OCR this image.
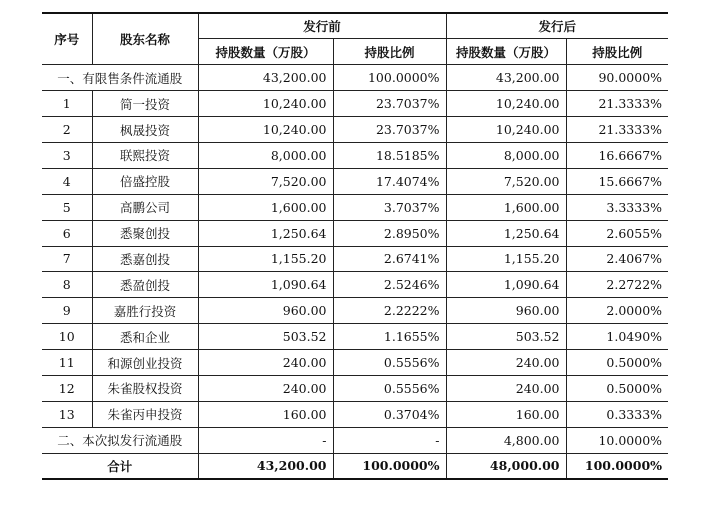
序号	股东名称	发行前		发行后	
		持股数量（万股）	持股比例	持股数量（万股）	持股比例
一、有限售条件流通股		43,200.00	100.0000%	43,200.00	90.0000%
1	简一投资	10,240.00	23.7037%	10,240.00	21.3333%
2	枫晟投资	10,240.00	23.7037%	10,240.00	21.3333%
3	联熙投资	8,000.00	18.5185%	8,000.00	16.6667%
4	倍盛控股	7,520.00	17.4074%	7,520.00	15.6667%
5	高鹏公司	1,600.00	3.7037%	1,600.00	3.3333%
6	悉聚创投	1,250.64	2.8950%	1,250.64	2.6055%
7	悉嘉创投	1,155.20	2.6741%	1,155.20	2.4067%
8	悉盈创投	1,090.64	2.5246%	1,090.64	2.2722%
9	嘉胜行投资	960.00	2.2222%	960.00	2.0000%
10	悉和企业	503.52	1.1655%	503.52	1.0490%
11	和源创业投资	240.00	0.5556%	240.00	0.5000%
12	朱雀股权投资	240.00	0.5556%	240.00	0.5000%
13	朱雀丙申投资	160.00	0.3704%	160.00	0.3333%
二、本次拟发行流通股		-	-	4,800.00	10.0000%
合计		43,200.00	100.0000%	48,000.00	100.0000%
